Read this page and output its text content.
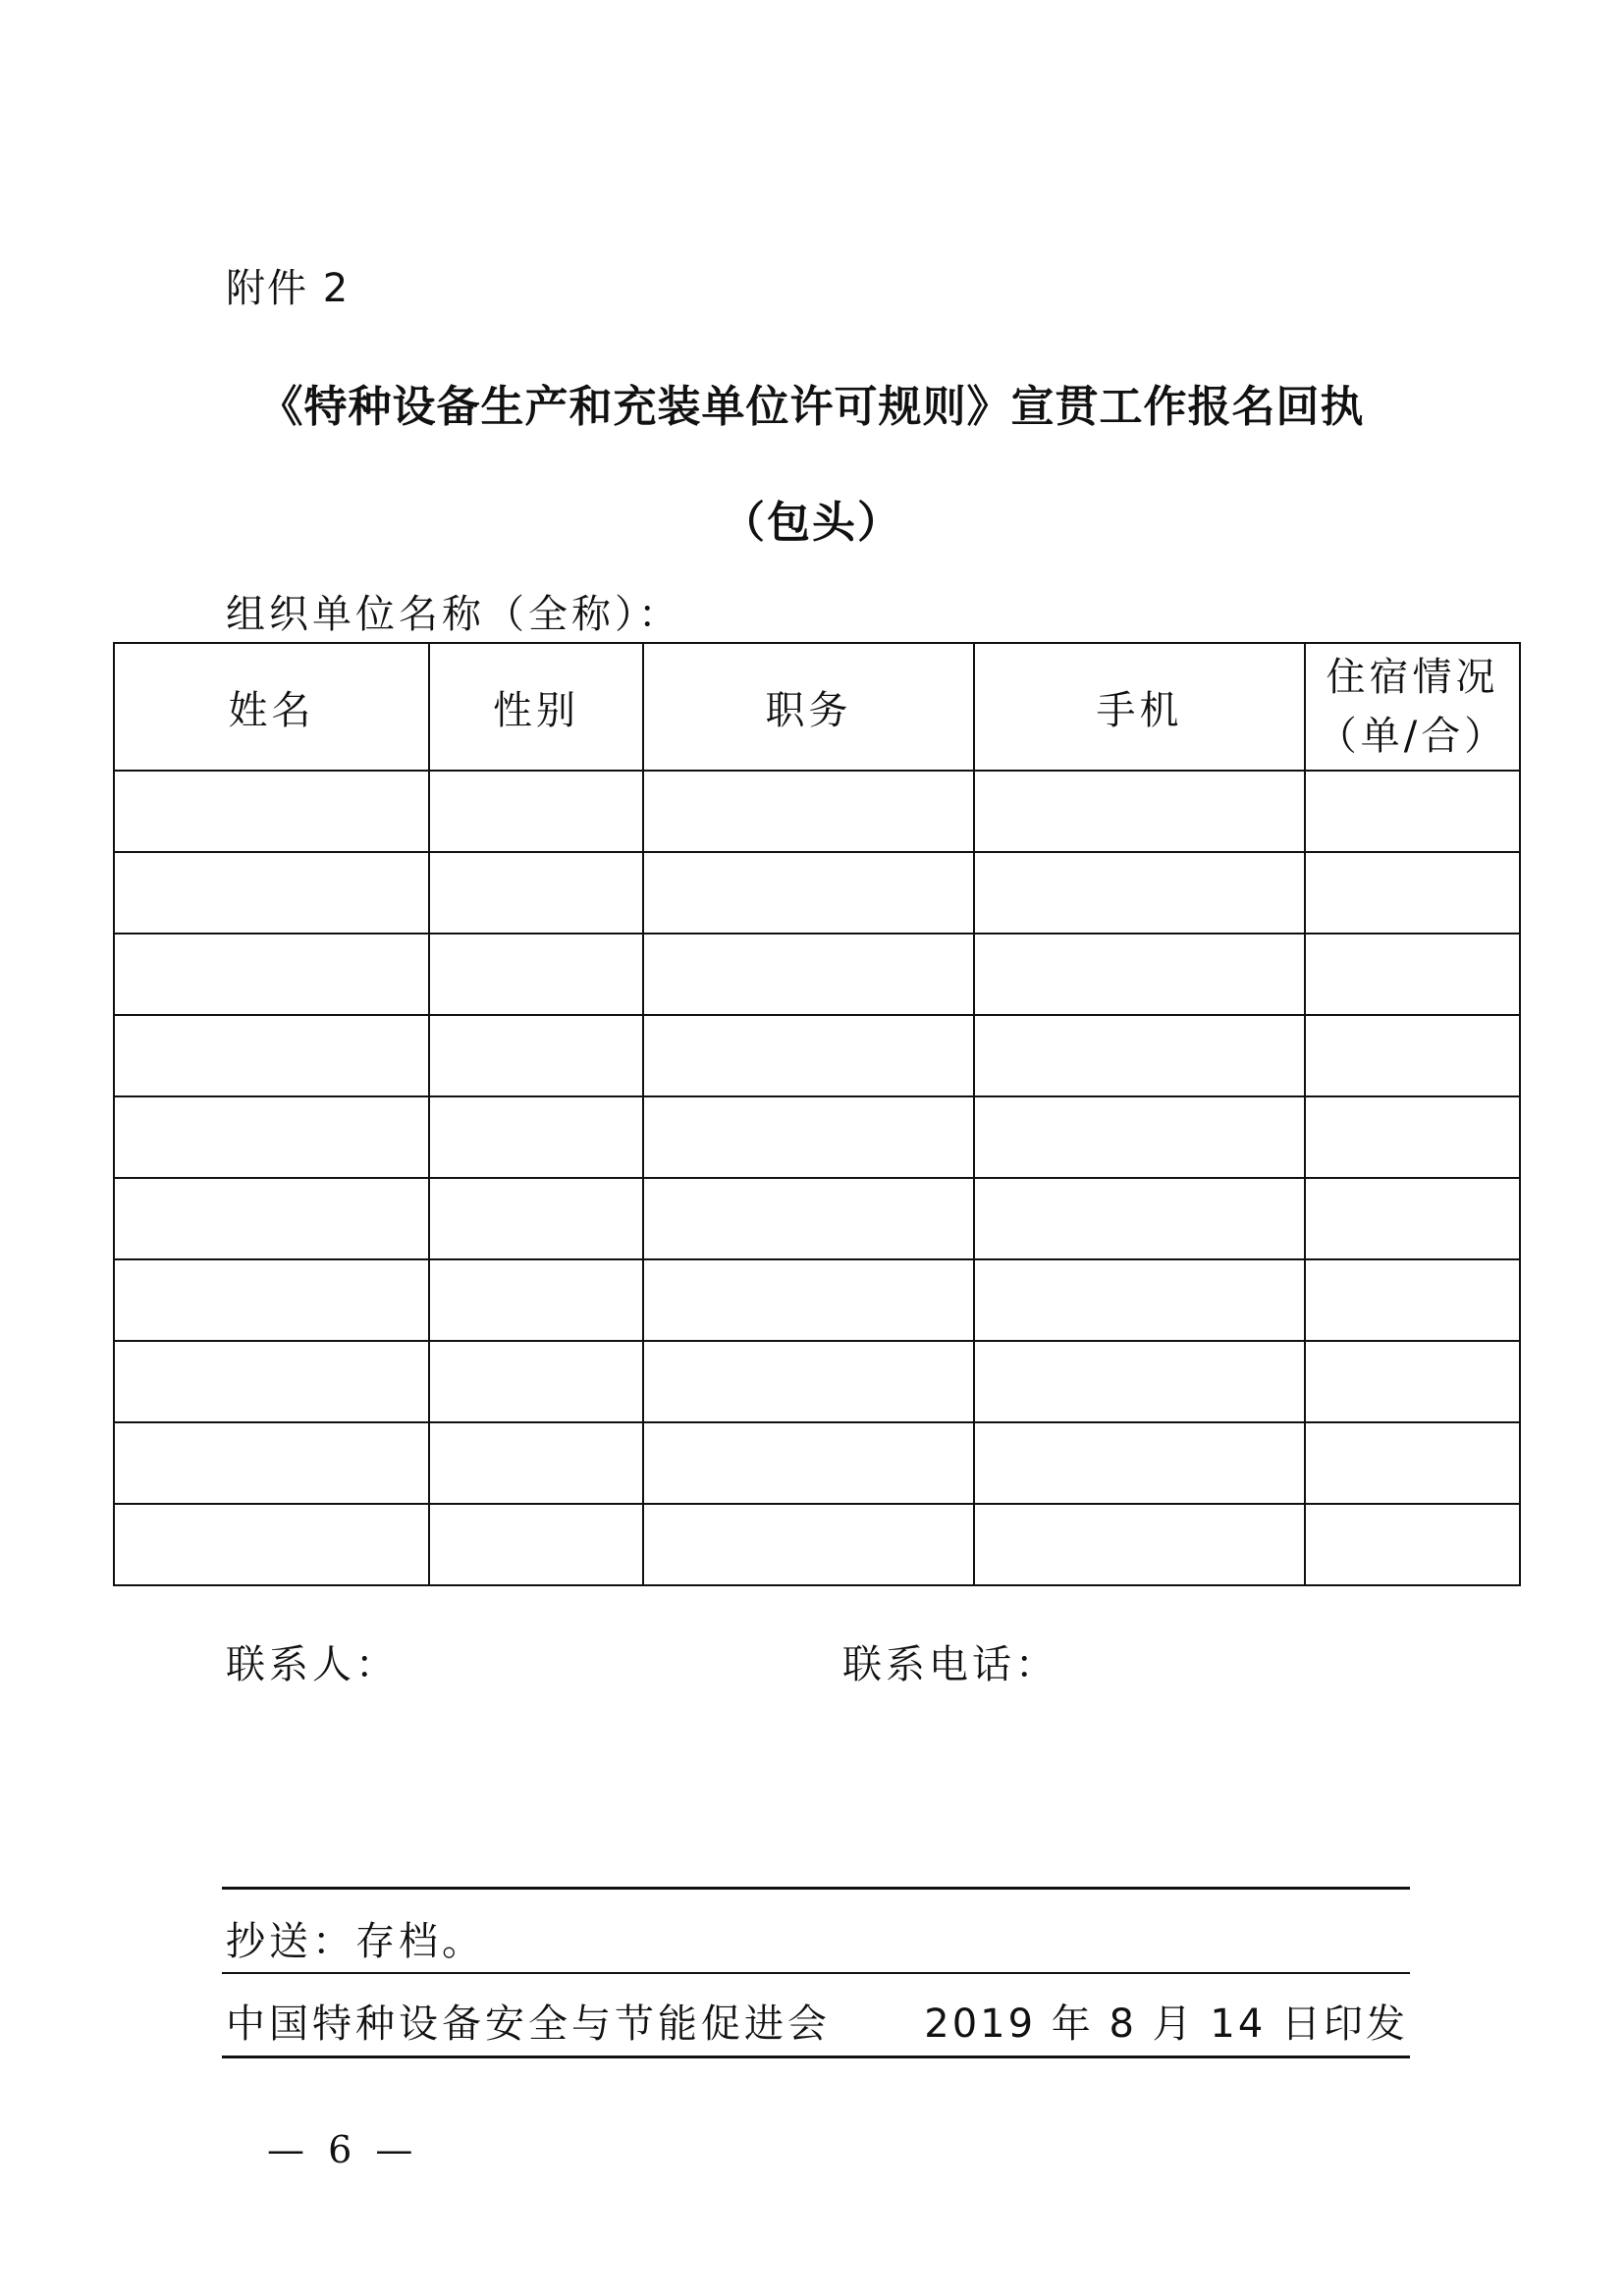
附件 2
《特种设备生产和充装单位许可规则》宣贯工作报名回执
（包头）
组织单位名称（全称）：
姓名	性别	职务	手机	住宿情况
（单/合）

联系人：	联系电话：
抄送：存档。
中国特种设备安全与节能促进会 2019 年 8 月 14 日印发
— 6 —
